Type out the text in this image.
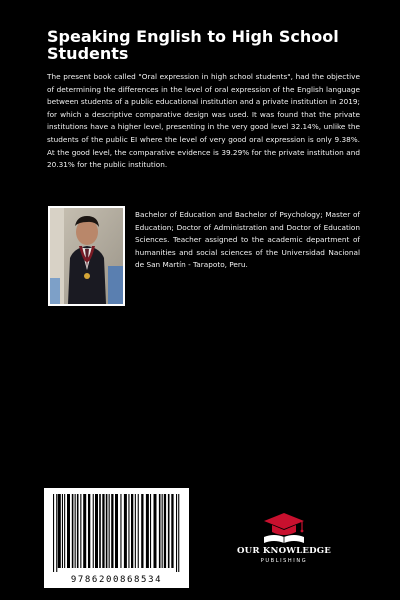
Speaking English to High School Students
The present book called "Oral expression in high school students", had the objective of determining the differences in the level of oral expression of the English language between students of a public educational institution and a private institution in 2019; for which a descriptive comparative design was used. It was found that the private institutions have a higher level, presenting in the very good level 32.14%, unlike the students of the public EI where the level of very good oral expression is only 9.38%. At the good level, the comparative evidence is 39.29% for the private institution and 20.31% for the public institution.
Bachelor of Education and Bachelor of Psychology; Master of Education; Doctor of Administration and Doctor of Education Sciences. Teacher assigned to the academic department of humanities and social sciences of the Universidad Nacional de San Martín - Tarapoto, Peru.
9786200868534
OUR KNOWLEDGE
PUBLISHING
